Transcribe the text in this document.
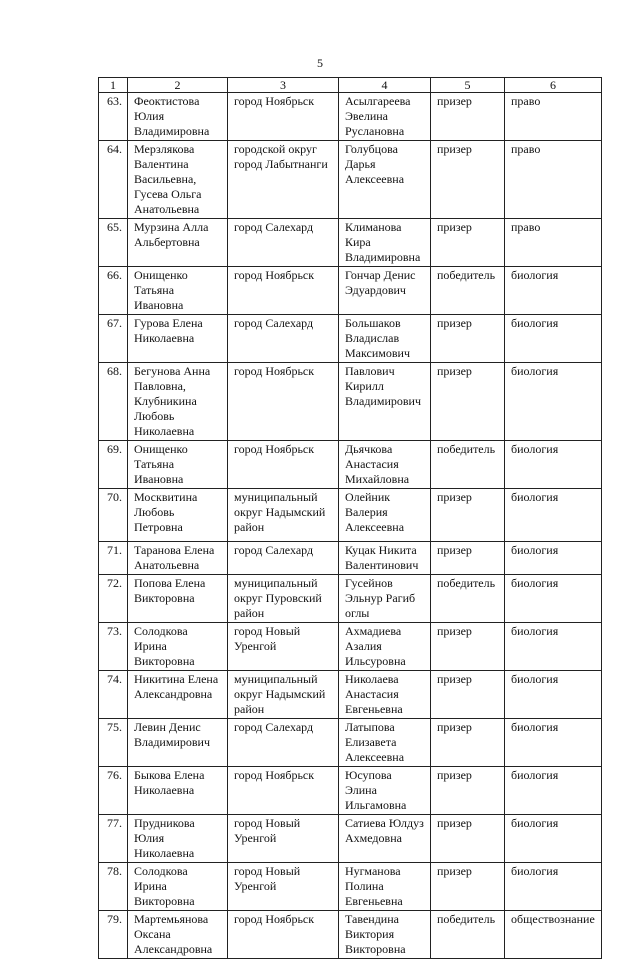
5
1	2	3	4	5	6
63.	Феоктистова
Юлия
Владимировна	город Ноябрьск	Асылгареева
Эвелина
Руслановна	призер	право
64.	Мерзлякова
Валентина
Васильевна,
Гусева Ольга
Анатольевна	городской округ
город Лабытнанги	Голубцова
Дарья
Алексеевна	призер	право
65.	Мурзина Алла
Альбертовна	город Салехард	Климанова
Кира
Владимировна	призер	право
66.	Онищенко
Татьяна
Ивановна	город Ноябрьск	Гончар Денис
Эдуардович	победитель	биология
67.	Гурова Елена
Николаевна	город Салехард	Большаков
Владислав
Максимович	призер	биология
68.	Бегунова Анна
Павловна,
Клубникина
Любовь
Николаевна	город Ноябрьск	Павлович
Кирилл
Владимирович	призер	биология
69.	Онищенко
Татьяна
Ивановна	город Ноябрьск	Дьячкова
Анастасия
Михайловна	победитель	биология
70.	Москвитина
Любовь
Петровна	муниципальный
округ Надымский
район	Олейник
Валерия
Алексеевна	призер	биология
71.	Таранова Елена
Анатольевна	город Салехард	Куцак Никита
Валентинович	призер	биология
72.	Попова Елена
Викторовна	муниципальный
округ Пуровский
район	Гусейнов
Эльнур Рагиб
оглы	победитель	биология
73.	Солодкова
Ирина
Викторовна	город Новый
Уренгой	Ахмадиева
Азалия
Ильсуровна	призер	биология
74.	Никитина Елена
Александровна	муниципальный
округ Надымский
район	Николаева
Анастасия
Евгеньевна	призер	биология
75.	Левин Денис
Владимирович	город Салехард	Латыпова
Елизавета
Алексеевна	призер	биология
76.	Быкова Елена
Николаевна	город Ноябрьск	Юсупова
Элина
Ильгамовна	призер	биология
77.	Прудникова
Юлия
Николаевна	город Новый
Уренгой	Сатиева Юлдуз
Ахмедовна	призер	биология
78.	Солодкова
Ирина
Викторовна	город Новый
Уренгой	Нугманова
Полина
Евгеньевна	призер	биология
79.	Мартемьянова
Оксана
Александровна	город Ноябрьск	Тавендина
Виктория
Викторовна	победитель	обществознание
